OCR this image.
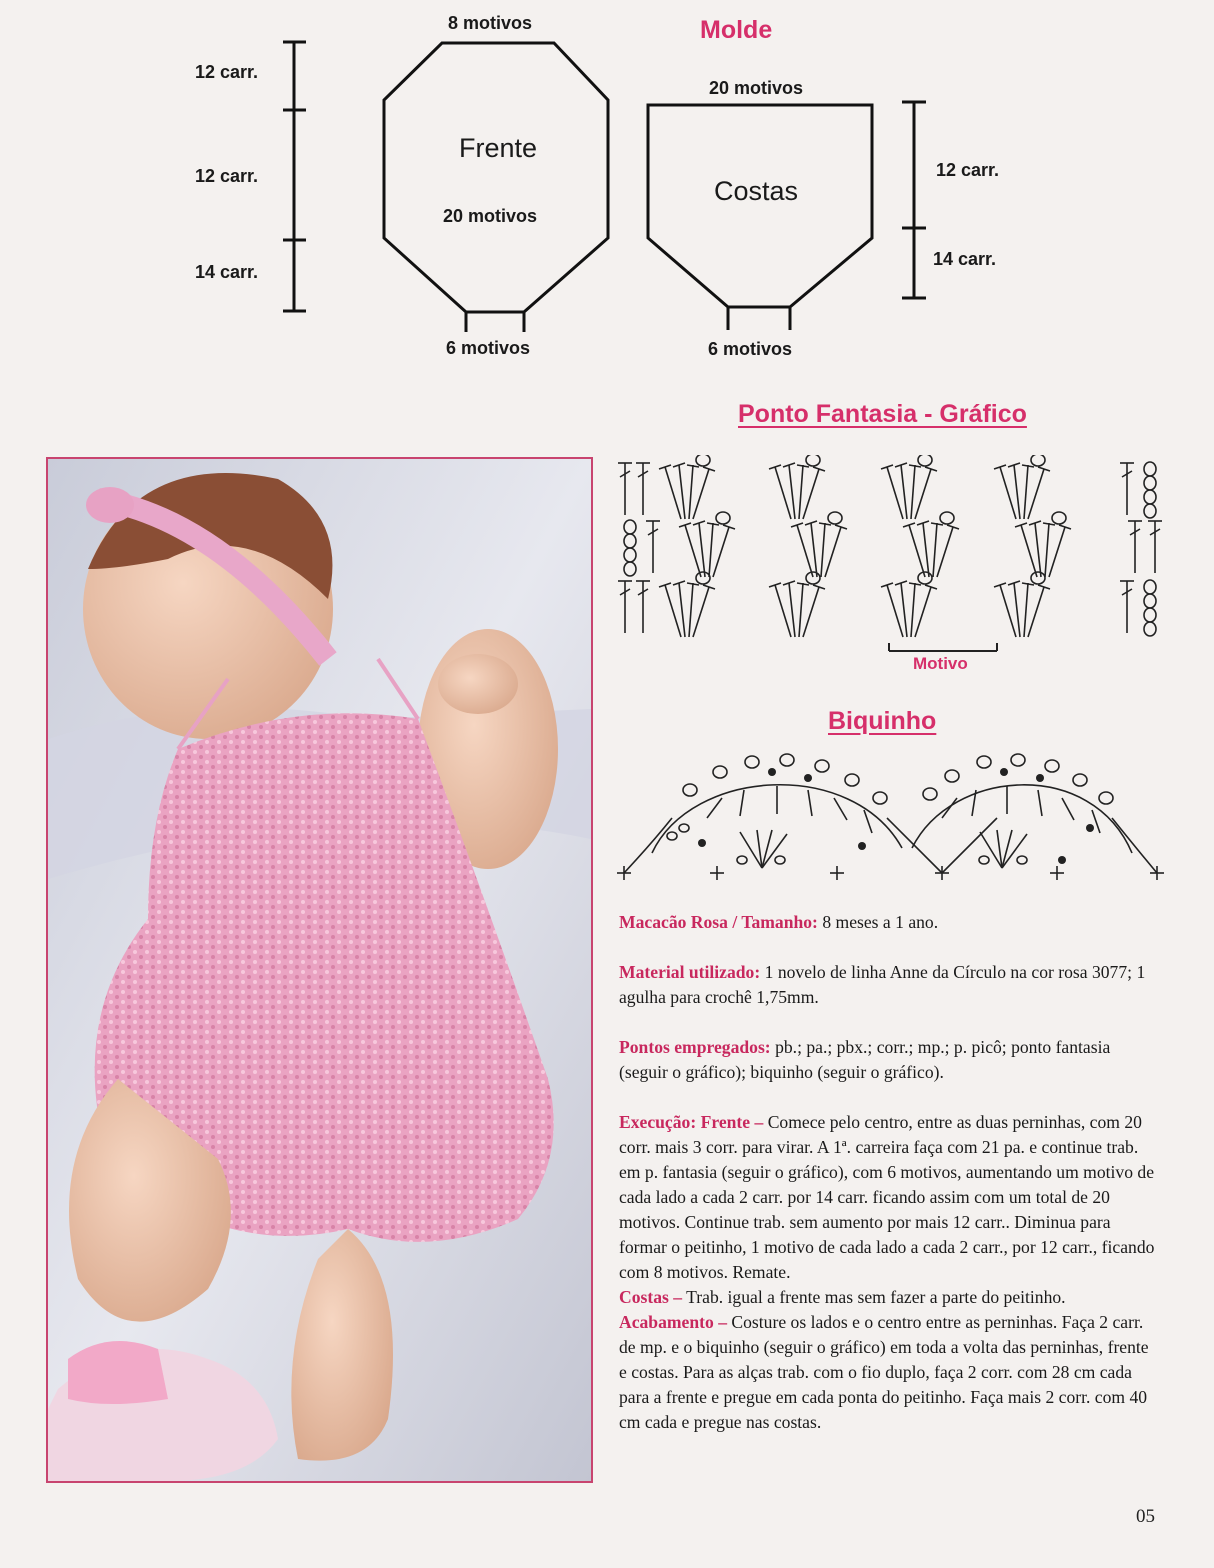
Molde
12 carr.
12 carr.
14 carr.
8 motivos
Frente
20 motivos
6 motivos
20 motivos
Costas
6 motivos
12 carr.
14 carr.
Ponto Fantasia - Gráfico
Motivo
Biquinho

Macacão Rosa / Tamanho: 8 meses a 1 ano.

Material utilizado: 1 novelo de linha Anne da Círculo na cor rosa 3077; 1 agulha para crochê 1,75mm.

Pontos empregados: pb.; pa.; pbx.; corr.; mp.; p. picô; ponto fantasia (seguir o gráfico); biquinho (seguir o gráfico).

Execução: Frente – Comece pelo centro, entre as duas perninhas, com 20 corr. mais 3 corr. para virar. A 1ª. carreira faça com 21 pa. e continue trab. em p. fantasia (seguir o gráfico), com 6 motivos, aumentando um motivo de cada lado a cada 2 carr. por 14 carr. ficando assim com um total de 20 motivos. Continue trab. sem aumento por mais 12 carr.. Diminua para formar o peitinho, 1 motivo de cada lado a cada 2 carr., por 12 carr., ficando com 8 motivos. Remate.

Costas – Trab. igual a frente mas sem fazer a parte do peitinho.

Acabamento – Costure os lados e o centro entre as perninhas. Faça 2 carr. de mp. e o biquinho (seguir o gráfico) em toda a volta das perninhas, frente e costas. Para as alças trab. com o fio duplo, faça 2 corr. com 28 cm cada para a frente e pregue em cada ponta do peitinho. Faça mais 2 corr. com 40 cm cada e pregue nas costas.

05
